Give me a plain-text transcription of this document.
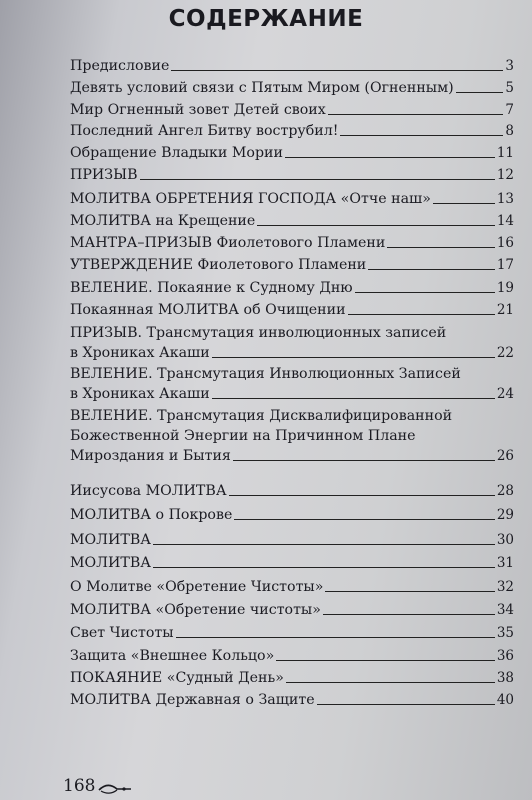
СОДЕРЖАНИЕ
Предисловие	3
Девять условий связи с Пятым Миром (Огненным)	5
Мир Огненный зовет Детей своих	7
Последний Ангел Битву вострубил!	8
Обращение Владыки Мории	11
ПРИЗЫВ	12
МОЛИТВА ОБРЕТЕНИЯ ГОСПОДА «Отче наш»	13
МОЛИТВА на Крещение	14
МАНТРА–ПРИЗЫВ Фиолетового Пламени	16
УТВЕРЖДЕНИЕ Фиолетового Пламени	17
ВЕЛЕНИЕ. Покаяние к Судному Дню	19
Покаянная МОЛИТВА об Очищении	21
ПРИЗЫВ. Трансмутация инволюционных записей
в Хрониках Акаши	22
ВЕЛЕНИЕ. Трансмутация Инволюционных Записей
в Хрониках Акаши	24
ВЕЛЕНИЕ. Трансмутация Дисквалифицированной
Божественной Энергии на Причинном Плане
Мироздания и Бытия	26
Иисусова МОЛИТВА	28
МОЛИТВА о Покрове	29
МОЛИТВА	30
МОЛИТВА	31
О Молитве «Обретение Чистоты»	32
МОЛИТВА «Обретение чистоты»	34
Свет Чистоты	35
Защита «Внешнее Кольцо»	36
ПОКАЯНИЕ «Судный День»	38
МОЛИТВА Державная о Защите	40
168
